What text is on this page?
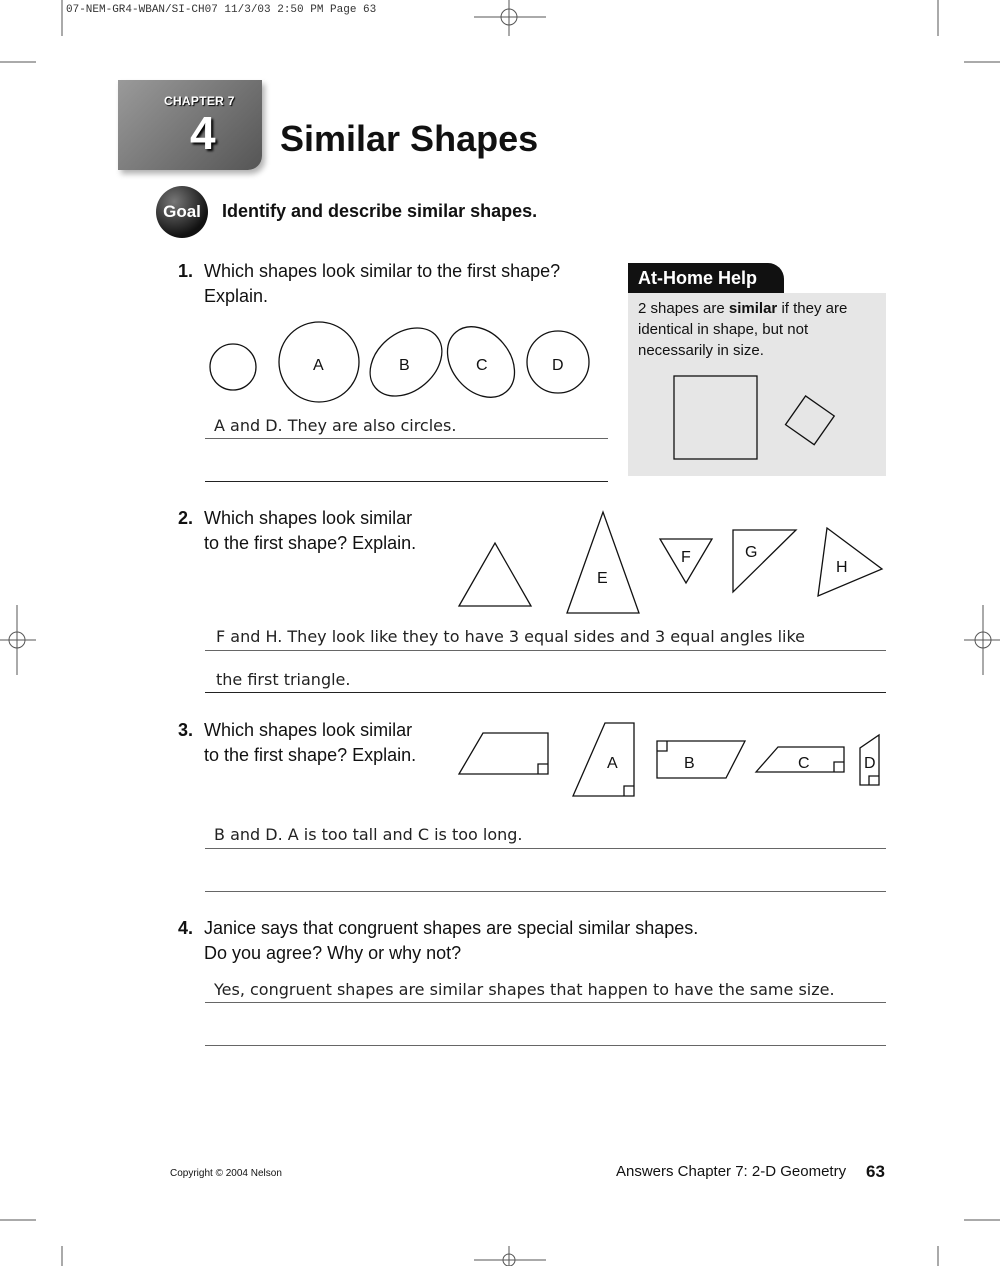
07-NEM-GR4-WBAN/SI-CH07 11/3/03 2:50 PM Page 63
CHAPTER 7
4 Similar Shapes
Goal	Identify and describe similar shapes.
At-Home Help
2 shapes are similar if they are identical in shape, but not necessarily in size.
1. Which shapes look similar to the first shape?
Explain.
A and D. They are also circles.
2. Which shapes look similar
to the first shape? Explain.
F and H. They look like they to have 3 equal sides and 3 equal angles like
the first triangle.
3. Which shapes look similar
to the first shape? Explain.
B and D. A is too tall and C is too long.
4. Janice says that congruent shapes are special similar shapes.
Do you agree? Why or why not?
Yes, congruent shapes are similar shapes that happen to have the same size.
A	B	C	D
E
F	G
H
A	B	C	D
Copyright © 2004 Nelson	Answers Chapter 7: 2-D Geometry 63
